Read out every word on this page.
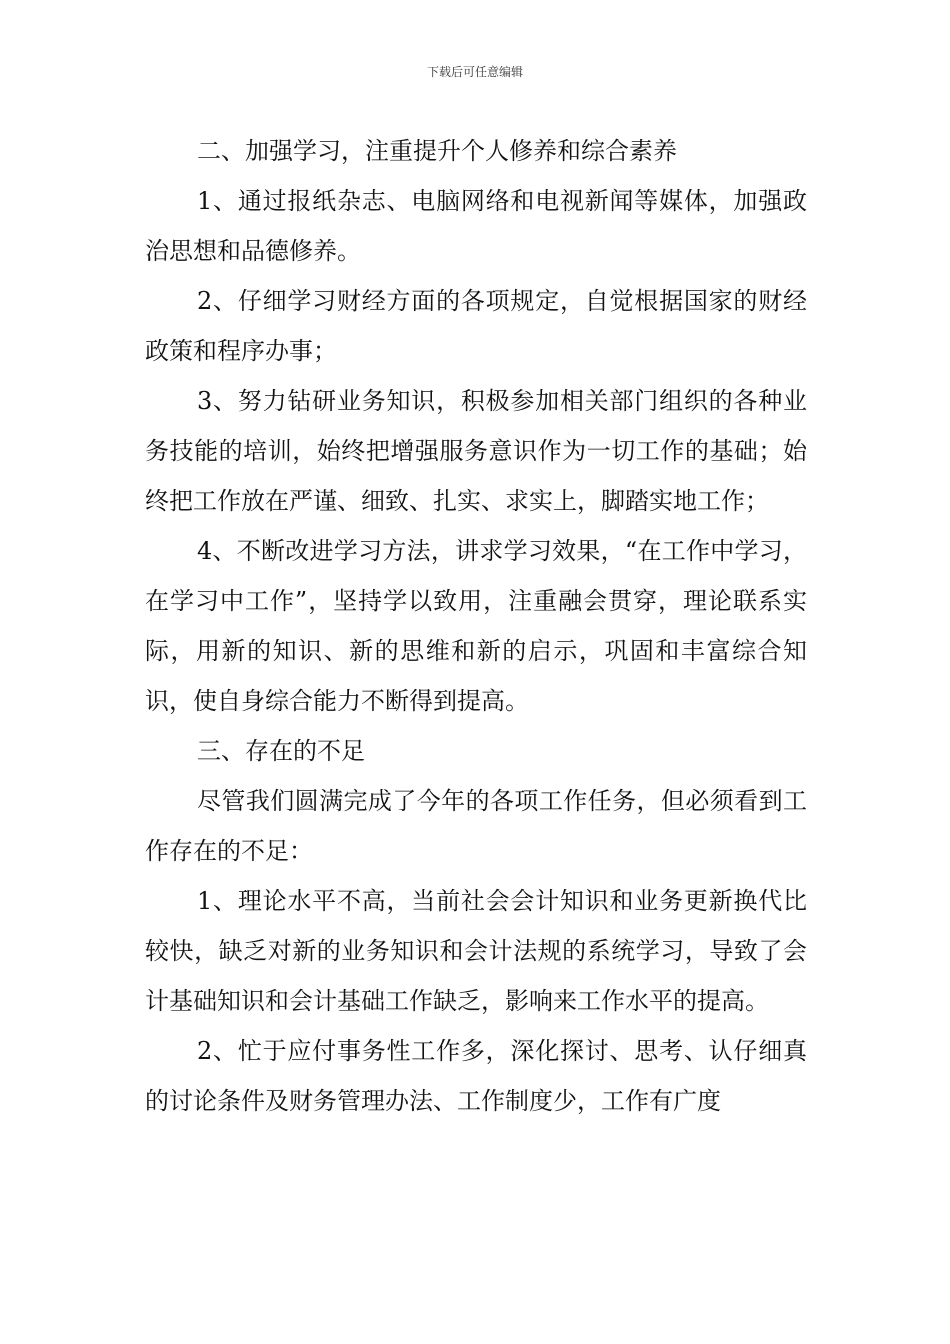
下载后可任意编辑

二、加强学习，注重提升个人修养和综合素养

1、通过报纸杂志、电脑网络和电视新闻等媒体，加强政治思想和品德修养。

2、仔细学习财经方面的各项规定，自觉根据国家的财经政策和程序办事；

3、努力钻研业务知识，积极参加相关部门组织的各种业务技能的培训，始终把增强服务意识作为一切工作的基础；始终把工作放在严谨、细致、扎实、求实上，脚踏实地工作；

4、不断改进学习方法，讲求学习效果，“在工作中学习，在学习中工作”，坚持学以致用，注重融会贯穿，理论联系实际，用新的知识、新的思维和新的启示，巩固和丰富综合知识，使自身综合能力不断得到提高。

三、存在的不足

尽管我们圆满完成了今年的各项工作任务，但必须看到工作存在的不足：

1、理论水平不高，当前社会会计知识和业务更新换代比较快，缺乏对新的业务知识和会计法规的系统学习，导致了会计基础知识和会计基础工作缺乏，影响来工作水平的提高。

2、忙于应付事务性工作多，深化探讨、思考、认仔细真的讨论条件及财务管理办法、工作制度少，工作有广度
